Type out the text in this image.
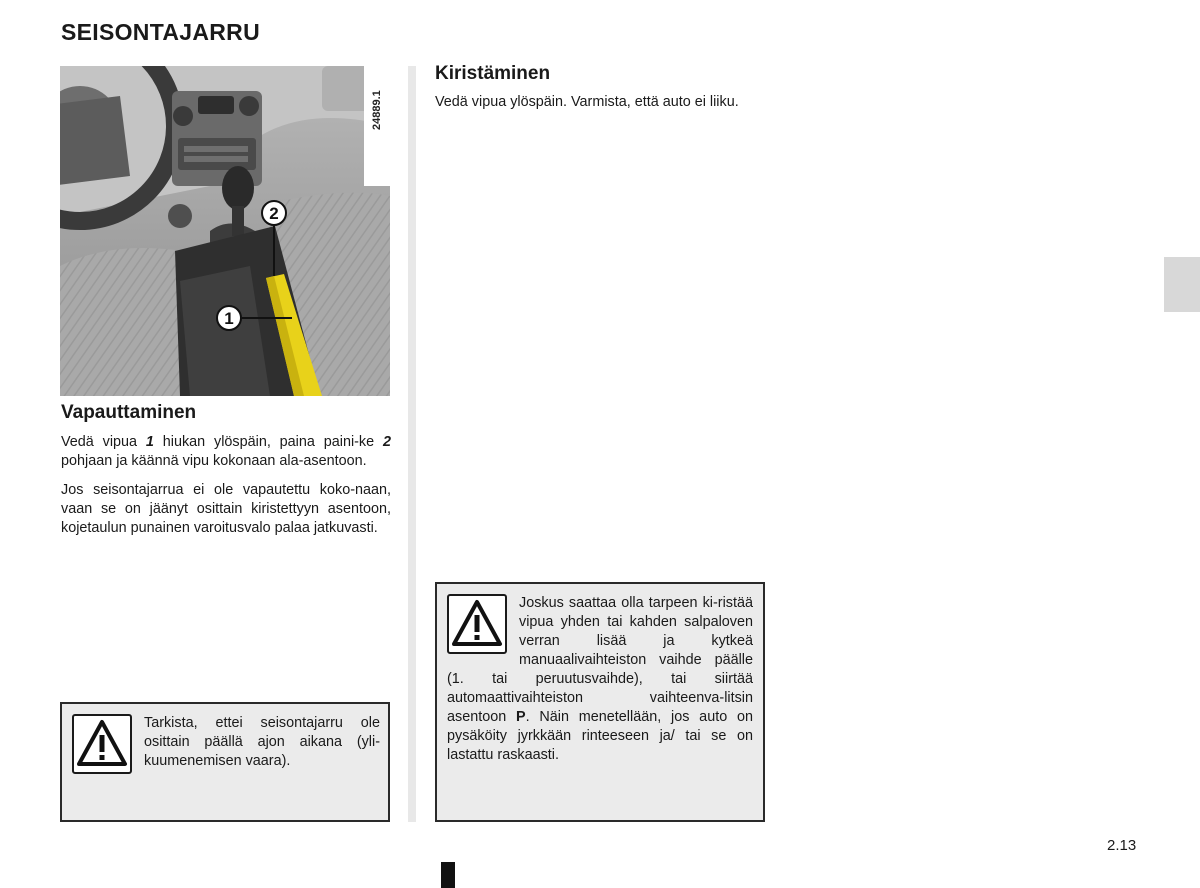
SEISONTAJARRU
2
1
24889.1
Vapauttaminen

Vedä vipua 1 hiukan ylöspäin, paina paini-ke 2 pohjaan ja käännä vipu kokonaan ala-asentoon.

Jos seisontajarrua ei ole vapautettu koko-naan, vaan se on jäänyt osittain kiristettyyn asentoon, kojetaulun punainen varoitusvalo palaa jatkuvasti.

Kiristäminen

Vedä vipua ylöspäin. Varmista, että auto ei liiku.

Tarkista, ettei seisontajarru ole osittain päällä ajon aikana (yli-kuumenemisen vaara).
Joskus saattaa olla tarpeen ki-ristää vipua yhden tai kahden salpaloven verran lisää ja kytkeä manuaalivaihteiston vaihde päälle (1. tai peruutusvaihde), tai siirtää automaattivaihteiston vaihteenva-litsin asentoon P. Näin menetellään, jos auto on pysäköity jyrkkään rinteeseen ja/ tai se on lastattu raskaasti.
2.13
